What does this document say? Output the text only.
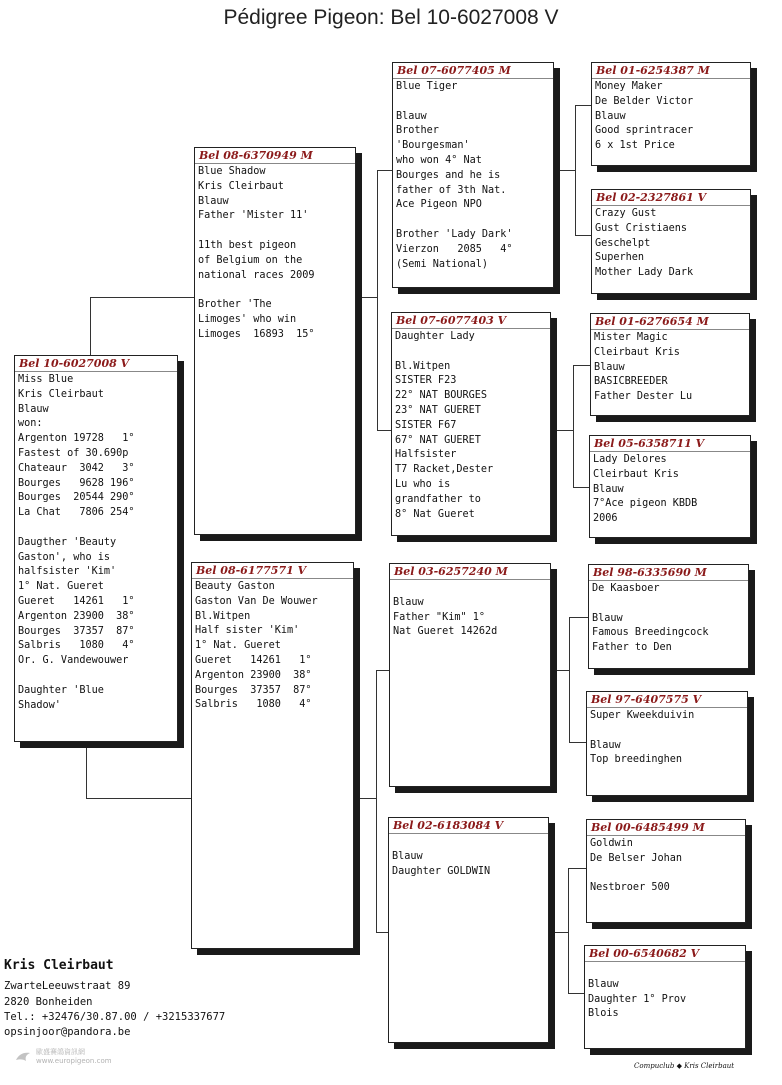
Pédigree Pigeon: Bel 10-6027008 V
Bel 10-6027008 V
Miss Blue
Kris Cleirbaut
Blauw
won:
Argenton 19728   1°
Fastest of 30.690p
Chateaur  3042   3°
Bourges   9628 196°
Bourges  20544 290°
La Chat   7806 254°

Daugther 'Beauty
Gaston', who is
halfsister 'Kim'
1° Nat. Gueret
Gueret   14261   1°
Argenton 23900  38°
Bourges  37357  87°
Salbris   1080   4°
Or. G. Vandewouwer

Daughter 'Blue
Shadow'
Bel 08-6370949 M
Blue Shadow
Kris Cleirbaut
Blauw
Father 'Mister 11'

11th best pigeon
of Belgium on the
national races 2009

Brother 'The
Limoges' who win
Limoges  16893  15°
Bel 08-6177571 V
Beauty Gaston
Gaston Van De Wouwer
Bl.Witpen
Half sister 'Kim'
1° Nat. Gueret
Gueret   14261   1°
Argenton 23900  38°
Bourges  37357  87°
Salbris   1080   4°
Bel 07-6077405 M
Blue Tiger

Blauw
Brother
'Bourgesman'
who won 4° Nat
Bourges and he is
father of 3th Nat.
Ace Pigeon NPO

Brother 'Lady Dark'
Vierzon   2085   4°
(Semi National)
Bel 07-6077403 V
Daughter Lady

Bl.Witpen
SISTER F23
22° NAT BOURGES
23° NAT GUERET
SISTER F67
67° NAT GUERET
Halfsister
T7 Racket,Dester
Lu who is
grandfather to
8° Nat Gueret
Bel 03-6257240 M

Blauw
Father "Kim" 1°
Nat Gueret 14262d
Bel 02-6183084 V

Blauw
Daughter GOLDWIN
Bel 01-6254387 M
Money Maker
De Belder Victor
Blauw
Good sprintracer
6 x 1st Price
Bel 02-2327861 V
Crazy Gust
Gust Cristiaens
Geschelpt
Superhen
Mother Lady Dark
Bel 01-6276654 M
Mister Magic
Cleirbaut Kris
Blauw
BASICBREEDER
Father Dester Lu
Bel 05-6358711 V
Lady Delores
Cleirbaut Kris
Blauw
7°Ace pigeon KBDB
2006
Bel 98-6335690 M
De Kaasboer

Blauw
Famous Breedingcock
Father to Den
Bel 97-6407575 V
Super Kweekduivin

Blauw
Top breedinghen
Bel 00-6485499 M
Goldwin
De Belser Johan

Nestbroer 500
Bel 00-6540682 V

Blauw
Daughter 1° Prov
Blois
Kris Cleirbaut
ZwarteLeeuwstraat 89
2820 Bonheiden
Tel.: +32476/30.87.00 / +3215337677
opsinjoor@pandora.be
Compuclub ◆ Kris Cleirbaut
歐盛賽鴿資訊網
www.europigeon.com
